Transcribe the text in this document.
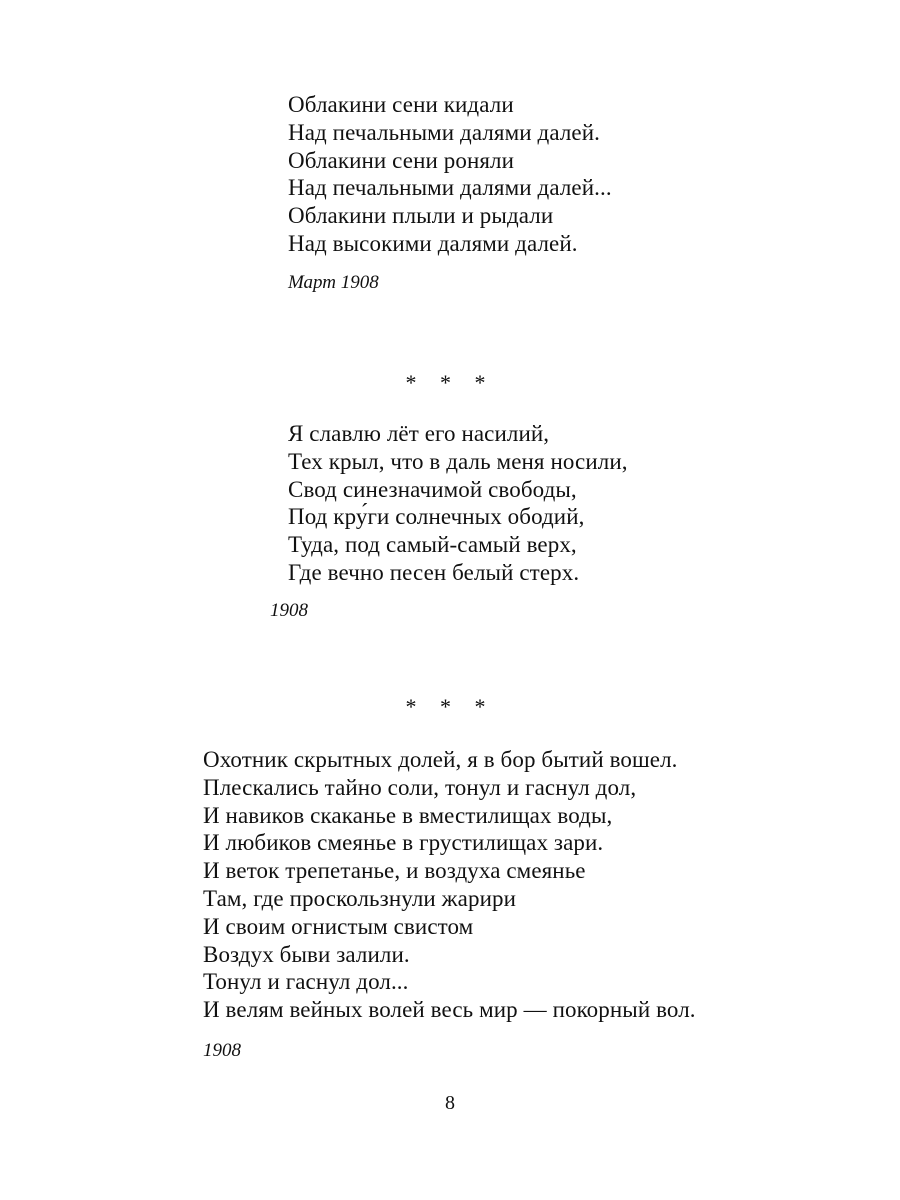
Облакини сени кидали
Над печальными далями далей.
Облакини сени роняли
Над печальными далями далей...
Облакини плыли и рыдали
Над высокими далями далей.
Март 1908
* * *
Я славлю лёт его насилий,
Тех крыл, что в даль меня носили,
Свод синезначимой свободы,
Под кру́ги солнечных ободий,
Туда, под самый-самый верх,
Где вечно песен белый стерх.
1908
* * *
Охотник скрытных долей, я в бор бытий вошел.
Плескались тайно соли, тонул и гаснул дол,
И навиков скаканье в вместилищах воды,
И любиков смеянье в грустилищах зари.
И веток трепетанье, и воздуха смеянье
Там, где проскользнули жарири
И своим огнистым свистом
Воздух быви залили.
Тонул и гаснул дол...
И велям вейных волей весь мир — покорный вол.
1908
8
